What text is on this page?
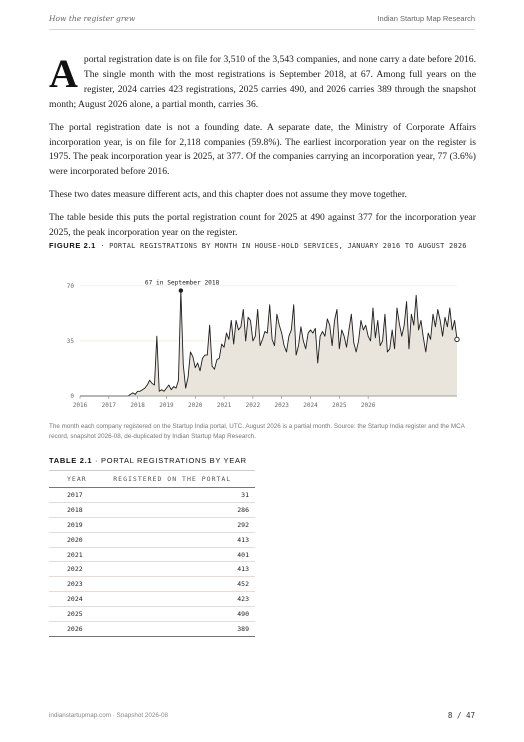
How the register grew	Indian Startup Map Research

Aportal registration date is on file for 3,510 of the 3,543 companies, and none carry a date before 2016. The single month with the most registrations is September 2018, at 67. Among full years on the register, 2024 carries 423 registrations, 2025 carries 490, and 2026 carries 389 through the snapshot month; August 2026 alone, a partial month, carries 36.

The portal registration date is not a founding date. A separate date, the Ministry of Corporate Affairs incorporation year, is on file for 2,118 companies (59.8%). The earliest incorporation year on the register is 1975. The peak incorporation year is 2025, at 377. Of the companies carrying an incorporation year, 77 (3.6%) were incorporated before 2016.

These two dates measure different acts, and this chapter does not assume they move together.

The table beside this puts the portal registration count for 2025 at 490 against 377 for the incorporation year 2025, the peak incorporation year on the register.

FIGURE 2.1 · PORTAL REGISTRATIONS BY MONTH IN HOUSE-HOLD SERVICES, JANUARY 2016 TO AUGUST 2026
0
35
70
2016 2017 2018 2019 2020 2021 2022 2023 2024 2025 2026
67 in September 2018
The month each company registered on the Startup India portal, UTC. August 2026 is a partial month. Source: the Startup India register and the MCA record, snapshot 2026-08, de-duplicated by Indian Startup Map Research.
TABLE 2.1 · PORTAL REGISTRATIONS BY YEAR
YEAR	REGISTERED ON THE PORTAL
2017	31
2018	286
2019	292
2020	413
2021	401
2022	413
2023	452
2024	423
2025	490
2026	389
indianstartupmap.com · Snapshot 2026-08	8 / 47
